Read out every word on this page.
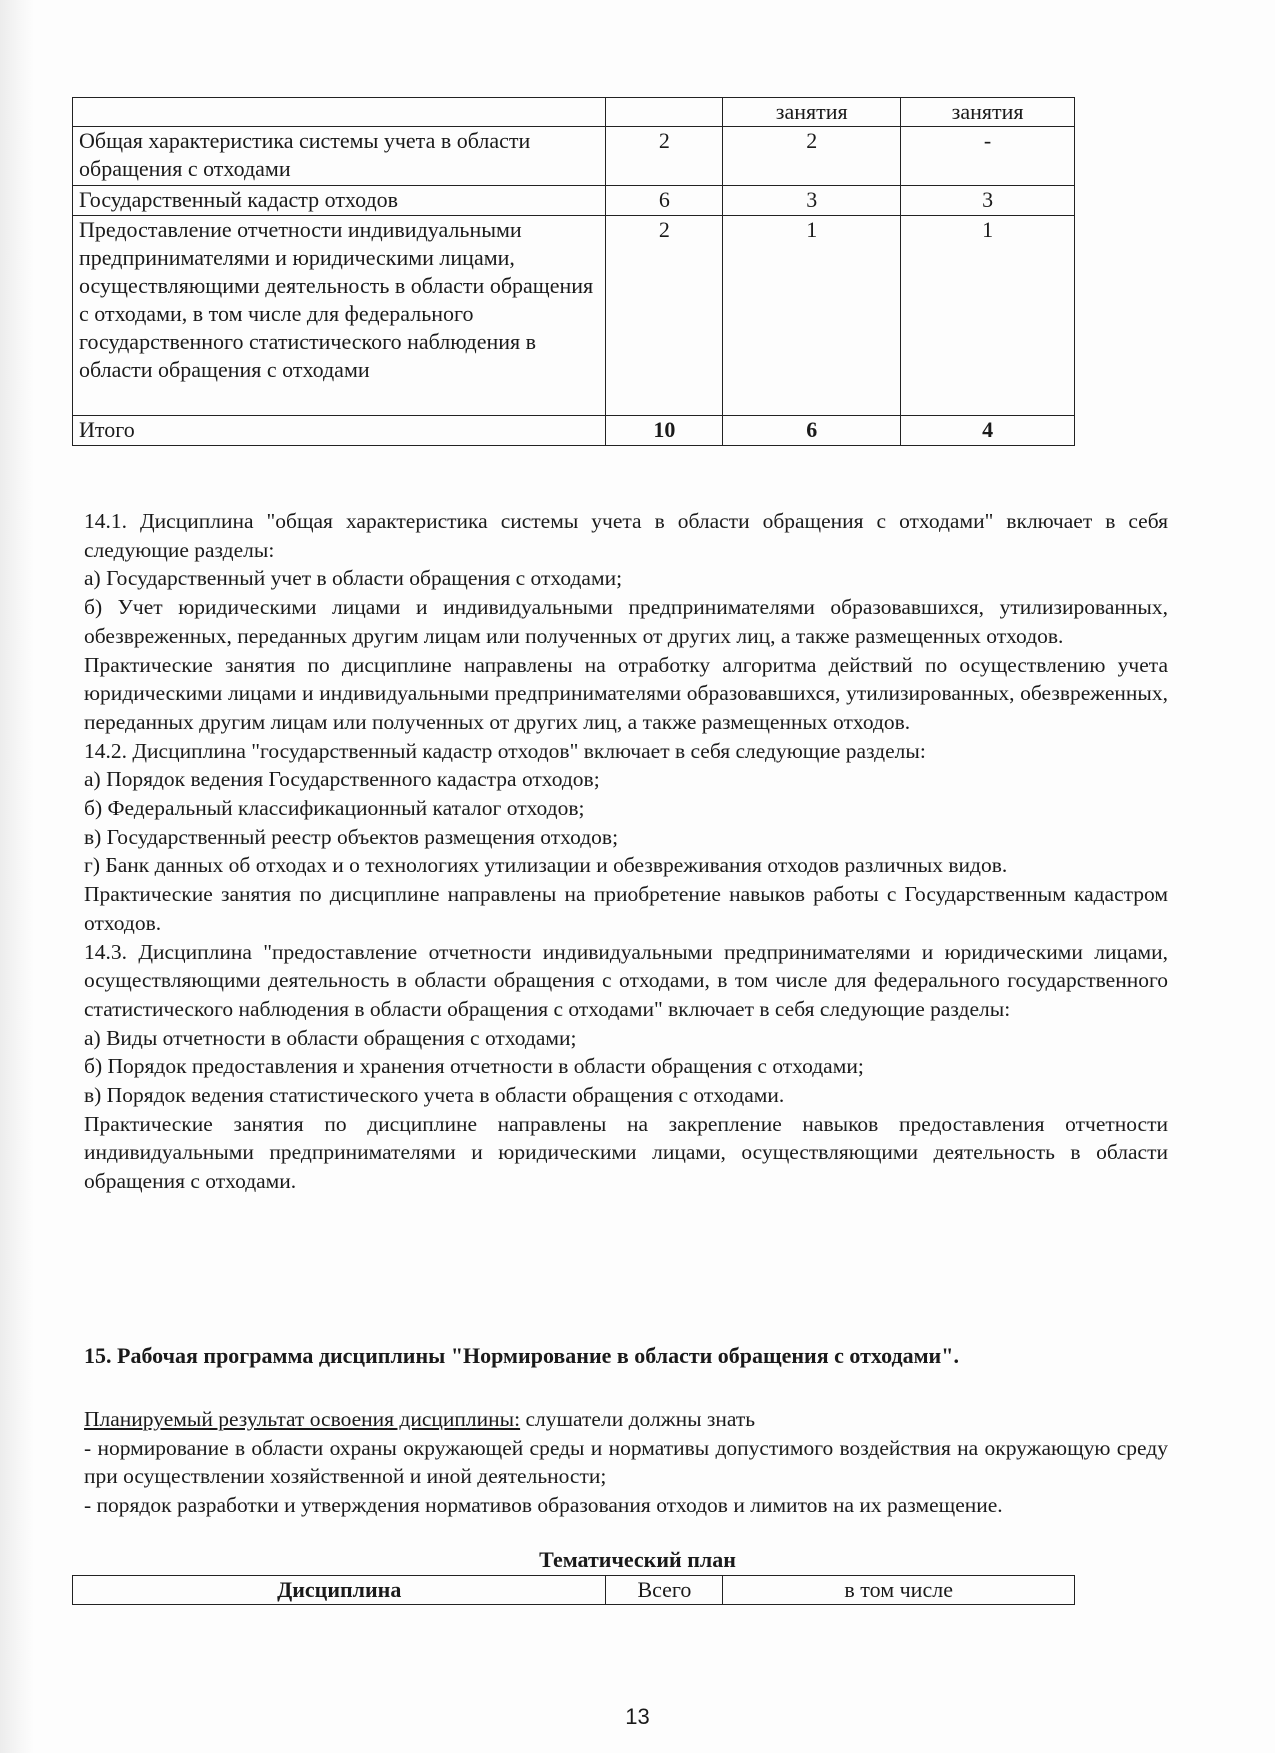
		занятия	занятия
Общая характеристика системы учета в области обращения с отходами	2	2	-
Государственный кадастр отходов	6	3	3
Предоставление отчетности индивидуальными предпринимателями и юридическими лицами, осуществляющими деятельность в области обращения с отходами, в том числе для федерального государственного статистического наблюдения в области обращения с отходами	2	1	1
Итого	10	6	4

14.1. Дисциплина "общая характеристика системы учета в области обращения с отходами" включает в себя следующие разделы:

а) Государственный учет в области обращения с отходами;

б) Учет юридическими лицами и индивидуальными предпринимателями образовавшихся, утилизированных, обезвреженных, переданных другим лицам или полученных от других лиц, а также размещенных отходов.

Практические занятия по дисциплине направлены на отработку алгоритма действий по осуществлению учета юридическими лицами и индивидуальными предпринимателями образовавшихся, утилизированных, обезвреженных, переданных другим лицам или полученных от других лиц, а также размещенных отходов.

14.2. Дисциплина "государственный кадастр отходов" включает в себя следующие разделы:

а) Порядок ведения Государственного кадастра отходов;

б) Федеральный классификационный каталог отходов;

в) Государственный реестр объектов размещения отходов;

г) Банк данных об отходах и о технологиях утилизации и обезвреживания отходов различных видов.

Практические занятия по дисциплине направлены на приобретение навыков работы с Государственным кадастром отходов.

14.3. Дисциплина "предоставление отчетности индивидуальными предпринимателями и юридическими лицами, осуществляющими деятельность в области обращения с отходами, в том числе для федерального государственного статистического наблюдения в области обращения с отходами" включает в себя следующие разделы:

а) Виды отчетности в области обращения с отходами;

б) Порядок предоставления и хранения отчетности в области обращения с отходами;

в) Порядок ведения статистического учета в области обращения с отходами.

Практические занятия по дисциплине направлены на закрепление навыков предоставления отчетности индивидуальными предпринимателями и юридическими лицами, осуществляющими деятельность в области обращения с отходами.

15. Рабочая программа дисциплины "Нормирование в области обращения с отходами".

Планируемый результат освоения дисциплины: слушатели должны знать

- нормирование в области охраны окружающей среды и нормативы допустимого воздействия на окружающую среду при осуществлении хозяйственной и иной деятельности;

- порядок разработки и утверждения нормативов образования отходов и лимитов на их размещение.

Тематический план
Дисциплина	Всего	в том числе
13
